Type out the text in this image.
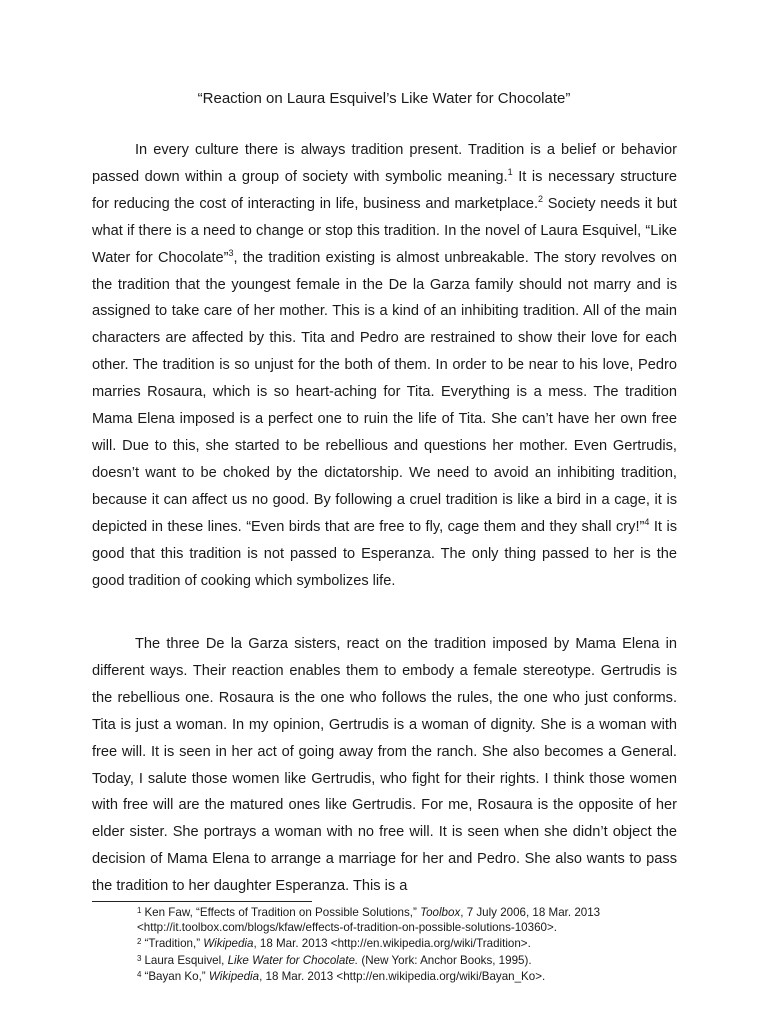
“Reaction on Laura Esquivel’s Like Water for Chocolate”

In every culture there is always tradition present. Tradition is a belief or behavior passed down within a group of society with symbolic meaning.$^1$ It is necessary structure for reducing the cost of interacting in life, business and marketplace.$^2$ Society needs it but what if there is a need to change or stop this tradition. In the novel of Laura Esquivel, “Like Water for Chocolate”$^3$, the tradition existing is almost unbreakable. The story revolves on the tradition that the youngest female in the De la Garza family should not marry and is assigned to take care of her mother. This is a kind of an inhibiting tradition. All of the main characters are affected by this. Tita and Pedro are restrained to show their love for each other. The tradition is so unjust for the both of them. In order to be near to his love, Pedro marries Rosaura, which is so heart-aching for Tita. Everything is a mess. The tradition Mama Elena imposed is a perfect one to ruin the life of Tita. She can’t have her own free will. Due to this, she started to be rebellious and questions her mother. Even Gertrudis, doesn’t want to be choked by the dictatorship. We need to avoid an inhibiting tradition, because it can affect us no good. By following a cruel tradition is like a bird in a cage, it is depicted in these lines. “Even birds that are free to fly, cage them and they shall cry!”$^4$ It is good that this tradition is not passed to Esperanza. The only thing passed to her is the good tradition of cooking which symbolizes life.

The three De la Garza sisters, react on the tradition imposed by Mama Elena in different ways. Their reaction enables them to embody a female stereotype. Gertrudis is the rebellious one. Rosaura is the one who follows the rules, the one who just conforms. Tita is just a woman. In my opinion, Gertrudis is a woman of dignity. She is a woman with free will. It is seen in her act of going away from the ranch. She also becomes a General. Today, I salute those women like Gertrudis, who fight for their rights. I think those women with free will are the matured ones like Gertrudis. For me, Rosaura is the opposite of her elder sister. She portrays a woman with no free will. It is seen when she didn’t object the decision of Mama Elena to arrange a marriage for her and Pedro. She also wants to pass the tradition to her daughter Esperanza. This is a

$^1$ Ken Faw, “Effects of Tradition on Possible Solutions,” Toolbox, 7 July 2006, 18 Mar. 2013
<http://it.toolbox.com/blogs/kfaw/effects-of-tradition-on-possible-solutions-10360>.
$^2$ “Tradition,” Wikipedia, 18 Mar. 2013 <http://en.wikipedia.org/wiki/Tradition>.
$^3$ Laura Esquivel, Like Water for Chocolate. (New York: Anchor Books, 1995).
$^4$ “Bayan Ko,” Wikipedia, 18 Mar. 2013 <http://en.wikipedia.org/wiki/Bayan_Ko>.
